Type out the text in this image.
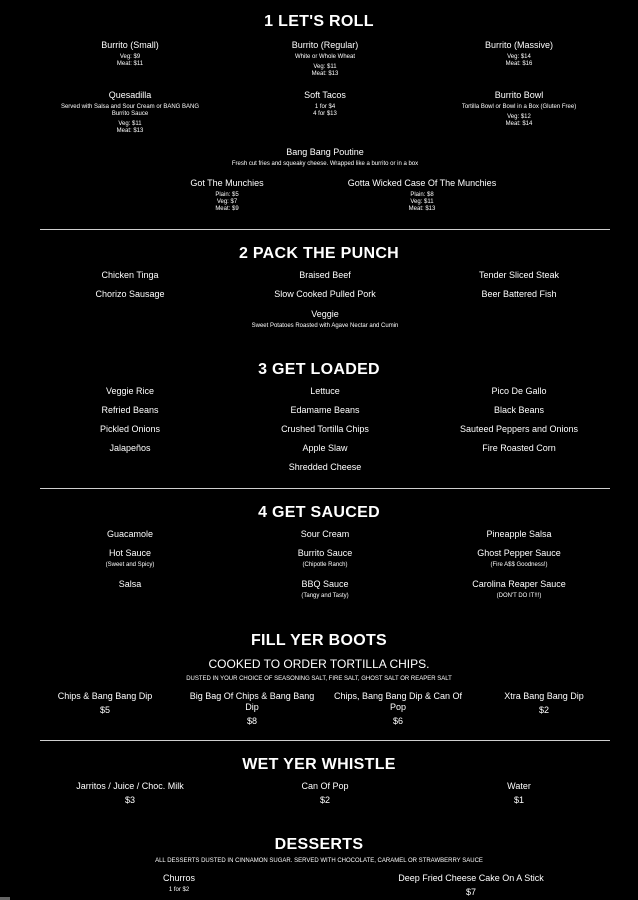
1 LET'S ROLL
Burrito (Small)
Veg: $9
Meat: $11
Burrito (Regular)
White or Whole Wheat
Veg: $11
Meat: $13
Burrito (Massive)
Veg: $14
Meat: $16
Quesadilla
Served with Salsa and Sour Cream or BANG BANG
Burrito Sauce
Veg: $11
Meat: $13
Soft Tacos
1 for $4
4 for $13
Burrito Bowl
Tortilla Bowl or Bowl in a Box (Gluten Free)
Veg: $12
Meat: $14
Bang Bang Poutine
Fresh cut fries and squeaky cheese. Wrapped like a burrito or in a box
Got The Munchies
Plain: $5
Veg: $7
Meat: $9
Gotta Wicked Case Of The Munchies
Plain: $8
Veg: $11
Meat: $13
2 PACK THE PUNCH
Chicken Tinga	Braised Beef	Tender Sliced Steak
Chorizo Sausage	Slow Cooked Pulled Pork	Beer Battered Fish
Veggie
Sweet Potatoes Roasted with Agave Nectar and Cumin
3 GET LOADED
Veggie Rice	Lettuce	Pico De Gallo
Refried Beans	Edamame Beans	Black Beans
Pickled Onions	Crushed Tortilla Chips	Sauteed Peppers and Onions
Jalapeños	Apple Slaw	Fire Roasted Corn
Shredded Cheese
4 GET SAUCED
Guacamole	Sour Cream	Pineapple Salsa
Hot Sauce
(Sweet and Spicy)
Burrito Sauce
(Chipotle Ranch)
Ghost Pepper Sauce
(Fire A$$ Goodness!)
Salsa	BBQ Sauce
(Tangy and Tasty)
Carolina Reaper Sauce
(DON'T DO IT!!!)
FILL YER BOOTS
COOKED TO ORDER TORTILLA CHIPS.
DUSTED IN YOUR CHOICE OF SEASONING SALT, FIRE SALT, GHOST SALT OR REAPER SALT
Chips & Bang Bang Dip
$5
Big Bag Of Chips & Bang Bang Dip
$8
Chips, Bang Bang Dip & Can Of Pop
$6
Xtra Bang Bang Dip
$2
WET YER WHISTLE
Jarritos / Juice / Choc. Milk
$3
Can Of Pop
$2
Water
$1
DESSERTS
ALL DESSERTS DUSTED IN CINNAMON SUGAR. SERVED WITH CHOCOLATE, CARAMEL OR STRAWBERRY SAUCE
Churros
1 for $2
Deep Fried Cheese Cake On A Stick
$7
